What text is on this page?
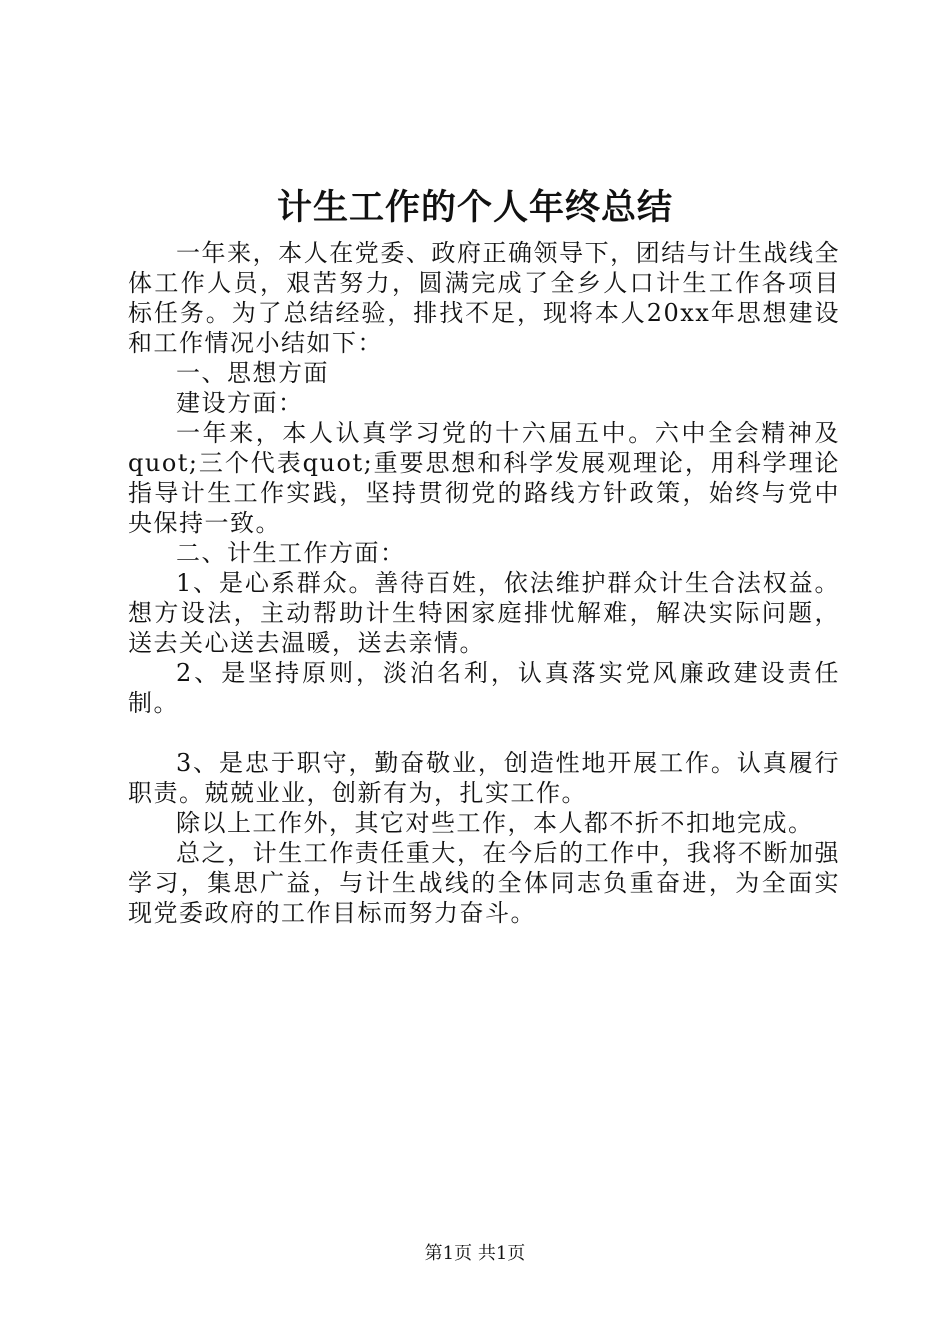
计生工作的个人年终总结

一年来，本人在党委、政府正确领导下，团结与计生战线全体工作人员，艰苦努力，圆满完成了全乡人口计生工作各项目标任务。为了总结经验，排找不足，现将本人20xx年思想建设和工作情况小结如下：

一、思想方面

建设方面：

一年来，本人认真学习党的十六届五中。六中全会精神及quot;三个代表quot;重要思想和科学发展观理论，用科学理论指导计生工作实践，坚持贯彻党的路线方针政策，始终与党中央保持一致。

二、计生工作方面：

1、是心系群众。善待百姓，依法维护群众计生合法权益。想方设法，主动帮助计生特困家庭排忧解难，解决实际问题，送去关心送去温暖，送去亲情。

2、是坚持原则，淡泊名利，认真落实党风廉政建设责任制。

3、是忠于职守，勤奋敬业，创造性地开展工作。认真履行职责。兢兢业业，创新有为，扎实工作。

除以上工作外，其它对些工作，本人都不折不扣地完成。

总之，计生工作责任重大，在今后的工作中，我将不断加强学习，集思广益，与计生战线的全体同志负重奋进，为全面实现党委政府的工作目标而努力奋斗。

第1页 共1页
